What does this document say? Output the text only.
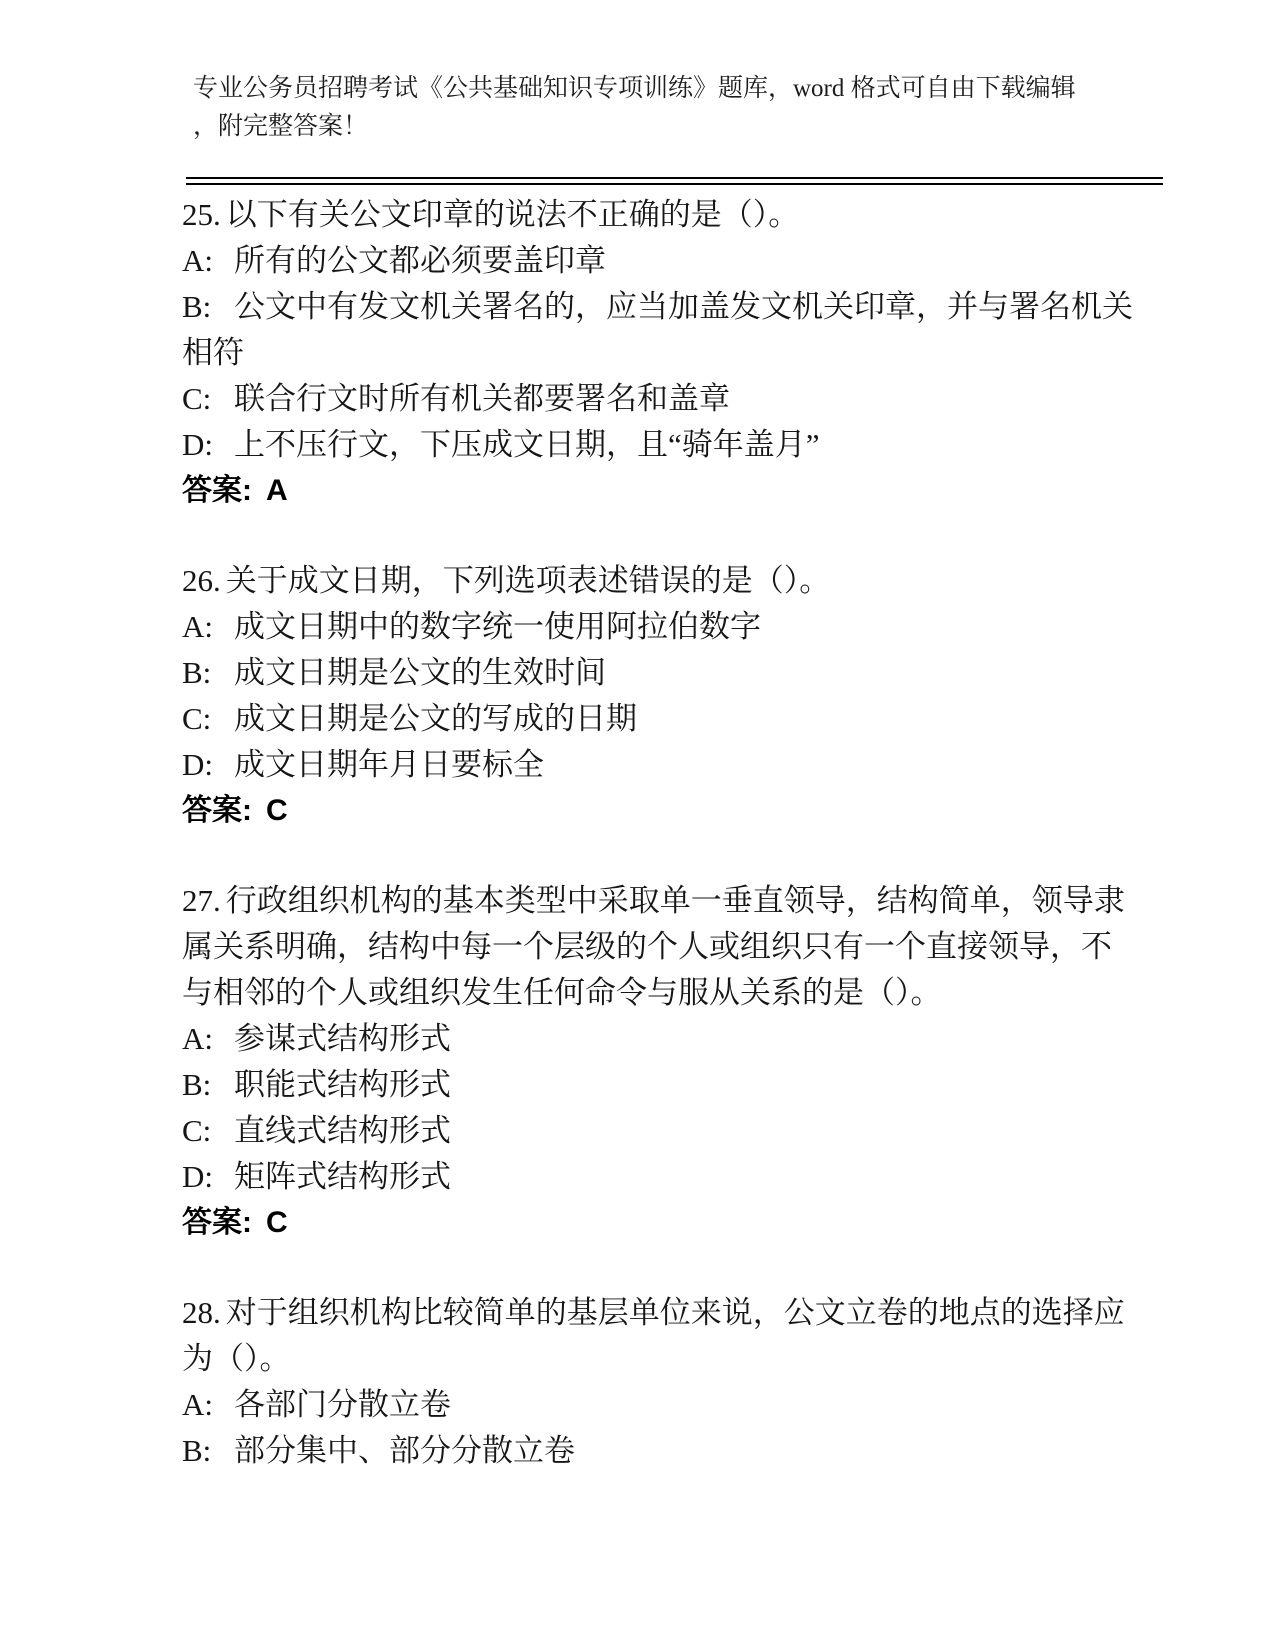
专业公务员招聘考试《公共基础知识专项训练》题库，word 格式可自由下载编辑
，附完整答案！
25. 以下有关公文印章的说法不正确的是（）。
A: 所有的公文都必须要盖印章
B: 公文中有发文机关署名的，应当加盖发文机关印章，并与署名机关
相符
C: 联合行文时所有机关都要署名和盖章
D: 上不压行文，下压成文日期，且“骑年盖月”
答案: A
26. 关于成文日期，下列选项表述错误的是（）。
A: 成文日期中的数字统一使用阿拉伯数字
B: 成文日期是公文的生效时间
C: 成文日期是公文的写成的日期
D: 成文日期年月日要标全
答案: C
27. 行政组织机构的基本类型中采取单一垂直领导，结构简单，领导隶
属关系明确，结构中每一个层级的个人或组织只有一个直接领导，不
与相邻的个人或组织发生任何命令与服从关系的是（）。
A: 参谋式结构形式
B: 职能式结构形式
C: 直线式结构形式
D: 矩阵式结构形式
答案: C
28. 对于组织机构比较简单的基层单位来说，公文立卷的地点的选择应
为（）。
A: 各部门分散立卷
B: 部分集中、部分分散立卷
